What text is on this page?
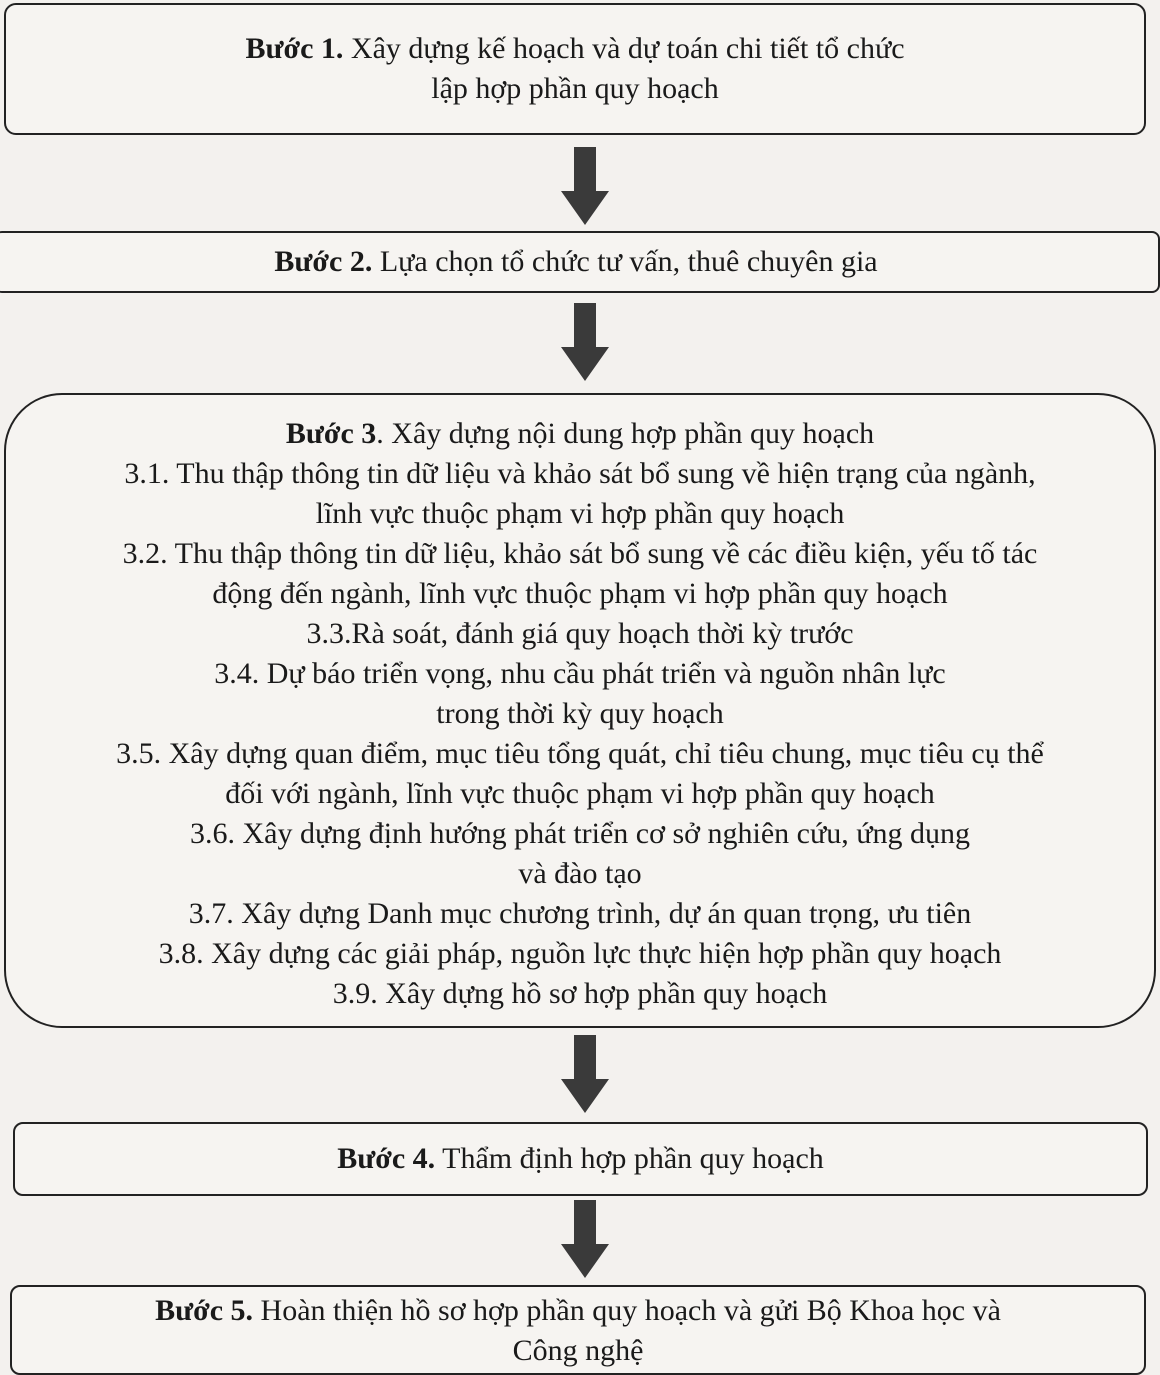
Bước 1. Xây dựng kế hoạch và dự toán chi tiết tổ chức
lập hợp phần quy hoạch
Bước 2. Lựa chọn tổ chức tư vấn, thuê chuyên gia
Bước 3. Xây dựng nội dung hợp phần quy hoạch
3.1. Thu thập thông tin dữ liệu và khảo sát bổ sung về hiện trạng của ngành,
lĩnh vực thuộc phạm vi hợp phần quy hoạch
3.2. Thu thập thông tin dữ liệu, khảo sát bổ sung về các điều kiện, yếu tố tác
động đến ngành, lĩnh vực thuộc phạm vi hợp phần quy hoạch
3.3.Rà soát, đánh giá quy hoạch thời kỳ trước
3.4. Dự báo triển vọng, nhu cầu phát triển và nguồn nhân lực
trong thời kỳ quy hoạch
3.5. Xây dựng quan điểm, mục tiêu tổng quát, chỉ tiêu chung, mục tiêu cụ thể
đối với ngành, lĩnh vực thuộc phạm vi hợp phần quy hoạch
3.6. Xây dựng định hướng phát triển cơ sở nghiên cứu, ứng dụng
và đào tạo
3.7. Xây dựng Danh mục chương trình, dự án quan trọng, ưu tiên
3.8. Xây dựng các giải pháp, nguồn lực thực hiện hợp phần quy hoạch
3.9. Xây dựng hồ sơ hợp phần quy hoạch
Bước 4. Thẩm định hợp phần quy hoạch
Bước 5. Hoàn thiện hồ sơ hợp phần quy hoạch và gửi Bộ Khoa học và
Công nghệ
